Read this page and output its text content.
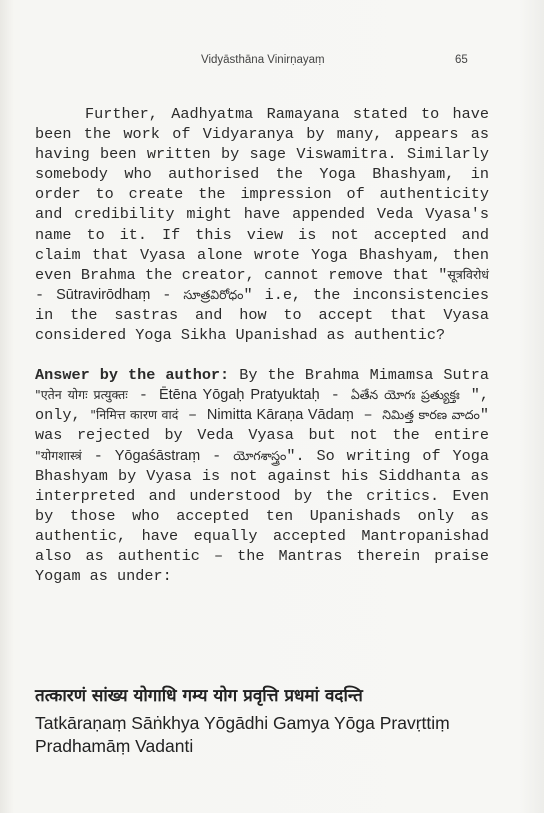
Vidyāsthāna Vinirṇayaṃ	65

Further, Aadhyatma Ramayana stated to have been the work of Vidyaranya by many, appears as having been written by sage Viswamitra. Similarly somebody who authorised the Yoga Bhashyam, in order to create the impression of authenticity and credibility might have appended Veda Vyasa's name to it. If this view is not accepted and claim that Vyasa alone wrote Yoga Bhashyam, then even Brahma the creator, cannot remove that "सूत्रविरोधं - Sūtravirōdhaṃ - సూత్రవిరోధం" i.e, the inconsistencies in the sastras and how to accept that Vyasa considered Yoga Sikha Upanishad as authentic?

Answer by the author: By the Brahma Mimamsa Sutra "एतेन योगः प्रत्युक्तः - Ētēna Yōgaḥ Pratyuktaḥ - ఏతేన యోగః ప్రత్యుక్తః ", only, "निमित्त कारण वादं – Nimitta Kāraṇa Vādaṃ – నిమిత్త కారణ వాదం" was rejected by Veda Vyasa but not the entire "योगशास्त्रं - Yōgaśāstraṃ - యోగశాస్త్రం". So writing of Yoga Bhashyam by Vyasa is not against his Siddhanta as interpreted and understood by the critics. Even by those who accepted ten Upanishads only as authentic, have equally accepted Mantropanishad also as authentic – the Mantras therein praise Yogam as under:

तत्कारणं सांख्य योगाधि गम्य योग प्रवृत्ति प्रधमां वदन्ति
Tatkāraṇaṃ Sāṅkhya Yōgādhi Gamya Yōga Pravṛttiṃ
Pradhamāṃ Vadanti
